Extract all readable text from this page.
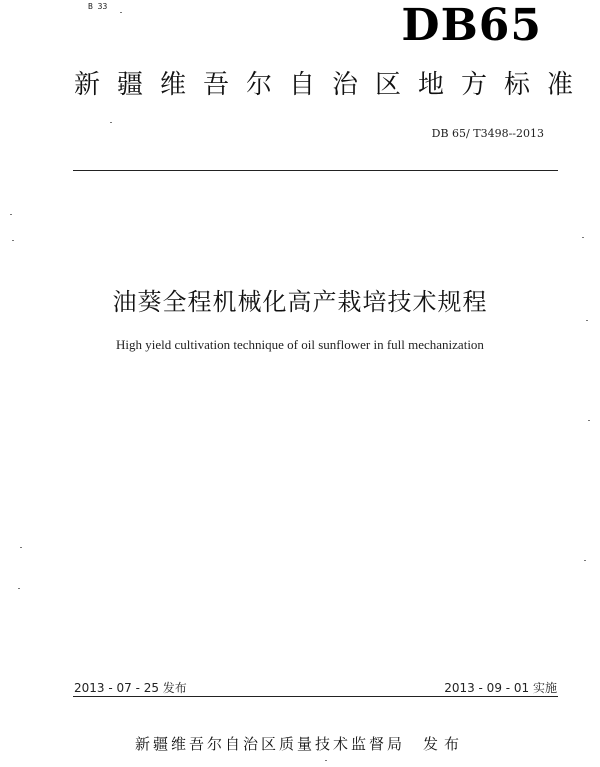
B 33	DB65
新疆维吾尔自治区地方标准
DB 65/ T3498--2013
油葵全程机械化高产栽培技术规程
High yield cultivation technique of oil sunflower in full mechanization
2013 - 07 - 25 发布	2013 - 09 - 01 实施
新疆维吾尔自治区质量技术监督局 发布
